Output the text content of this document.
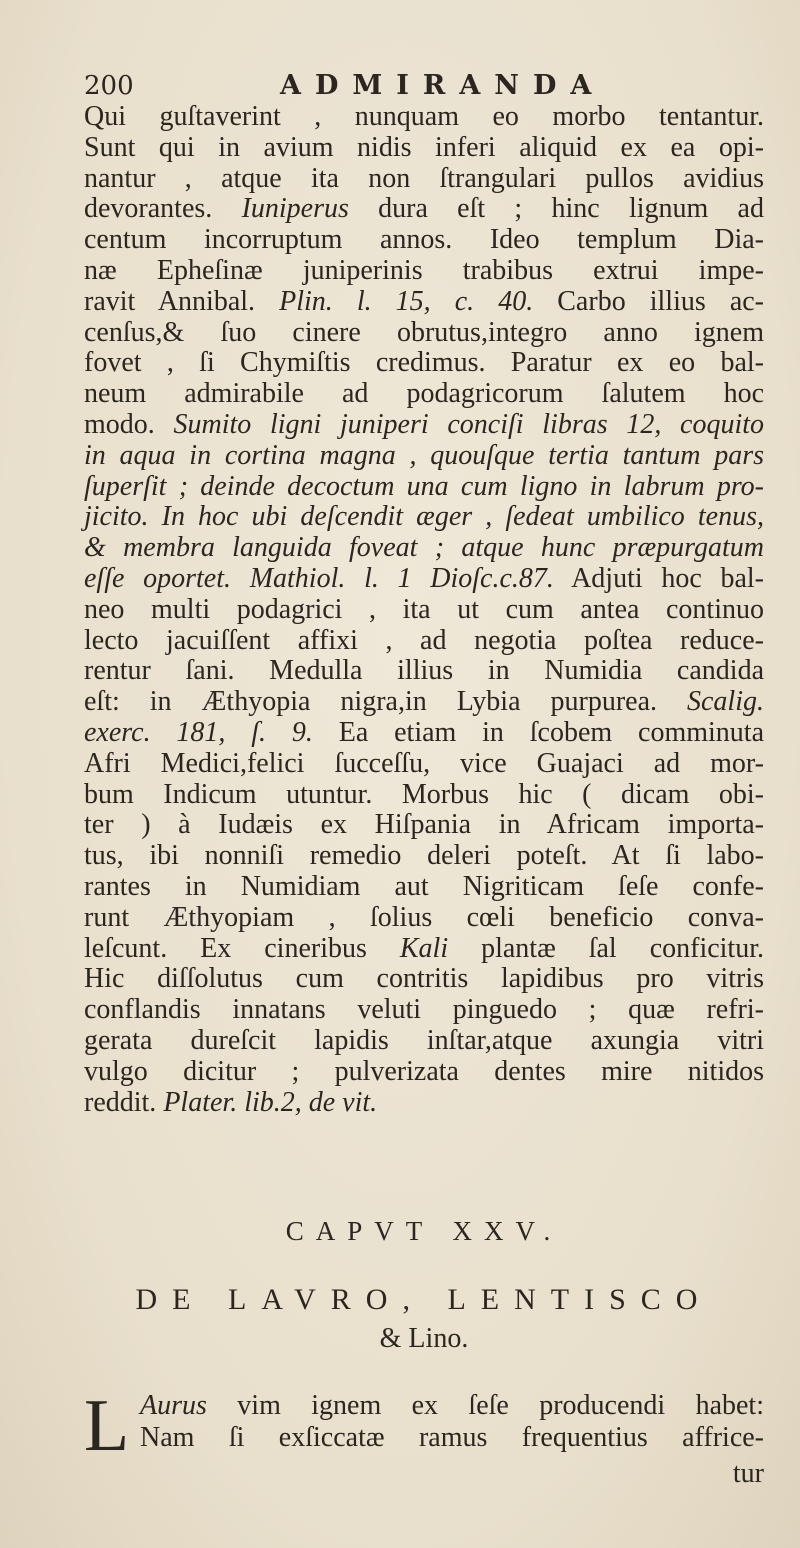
200	ADMIRANDA
Qui guſtaverint , nunquam eo morbo tentantur.
Sunt qui in avium nidis inferi aliquid ex ea opi-
nantur , atque ita non ſtrangulari pullos avidius
devorantes. Iuniperus dura eſt ; hinc lignum ad
centum incorruptum annos. Ideo templum Dia-
næ Epheſinæ juniperinis trabibus extrui impe-
ravit Annibal. Plin. l. 15, c. 40. Carbo illius ac-
cenſus,& ſuo cinere obrutus,integro anno ignem
fovet , ſi Chymiſtis credimus. Paratur ex eo bal-
neum admirabile ad podagricorum ſalutem hoc
modo. Sumito ligni juniperi conciſi libras 12, coquito
in aqua in cortina magna , quouſque tertia tantum pars
ſuperſit ; deinde decoctum una cum ligno in labrum pro-
jicito. In hoc ubi deſcendit æger , ſedeat umbilico tenus,
& membra languida foveat ; atque hunc præpurgatum
eſſe oportet. Mathiol. l. 1 Dioſc.c.87. Adjuti hoc bal-
neo multi podagrici , ita ut cum antea continuo
lecto jacuiſſent affixi , ad negotia poſtea reduce-
rentur ſani. Medulla illius in Numidia candida
eſt: in Æthyopia nigra,in Lybia purpurea. Scalig.
exerc. 181, ſ. 9. Ea etiam in ſcobem comminuta
Afri Medici,felici ſucceſſu, vice Guajaci ad mor-
bum Indicum utuntur. Morbus hic ( dicam obi-
ter ) à Iudæis ex Hiſpania in Africam importa-
tus, ibi nonniſi remedio deleri poteſt. At ſi labo-
rantes in Numidiam aut Nigriticam ſeſe confe-
runt Æthyopiam , ſolius cœli beneficio conva-
leſcunt. Ex cineribus Kali plantæ ſal conficitur.
Hic diſſolutus cum contritis lapidibus pro vitris
conflandis innatans veluti pinguedo ; quæ refri-
gerata dureſcit lapidis inſtar,atque axungia vitri
vulgo dicitur ; pulverizata dentes mire nitidos
reddit. Plater. lib.2, de vit.
CAPVT XXV.
DE LAVRO, LENTISCO
& Lino.
L Aurus vim ignem ex ſeſe producendi habet:
Nam ſi exſiccatæ ramus frequentius affrice-
tur
